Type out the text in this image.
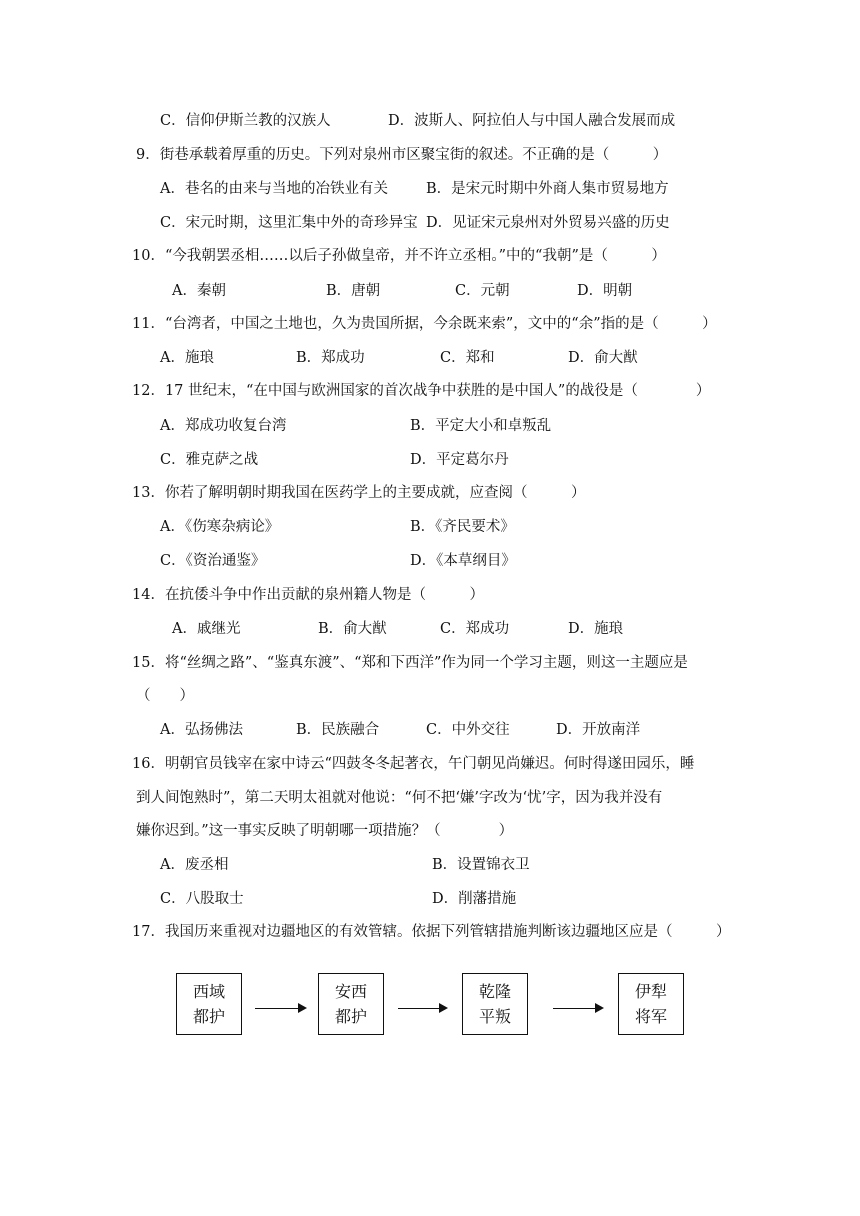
C．信仰伊斯兰教的汉族人	D．波斯人、阿拉伯人与中国人融合发展而成
9．街巷承载着厚重的历史。下列对泉州市区聚宝街的叙述。不正确的是（　　　）
A．巷名的由来与当地的冶铁业有关	B．是宋元时期中外商人集市贸易地方
C．宋元时期，这里汇集中外的奇珍异宝 D．见证宋元泉州对外贸易兴盛的历史
10．“今我朝罢丞相……以后子孙做皇帝，并不许立丞相。”中的“我朝”是（　　　）
A．秦朝	B．唐朝	C．元朝	D．明朝
11．“台湾者，中国之土地也，久为贵国所据，今余既来索”，文中的“余”指的是（　　　）
A．施琅	B．郑成功	C．郑和	D．俞大猷
12．17 世纪末，“在中国与欧洲国家的首次战争中获胜的是中国人”的战役是（　　　　）
A．郑成功收复台湾	B．平定大小和卓叛乱
C．雅克萨之战	D．平定葛尔丹
13．你若了解明朝时期我国在医药学上的主要成就，应查阅（　　　）
A．《伤寒杂病论》	B．《齐民要术》
C．《资治通鉴》	D．《本草纲目》
14．在抗倭斗争中作出贡献的泉州籍人物是（　　　）
A．戚继光	B．俞大猷	C．郑成功	D．施琅
15．将“丝绸之路”、“鉴真东渡”、“郑和下西洋”作为同一个学习主题，则这一主题应是
（　　）
A．弘扬佛法	B．民族融合	C．中外交往	D．开放南洋
16．明朝官员钱宰在家中诗云“四鼓冬冬起著衣，午门朝见尚嫌迟。何时得遂田园乐，睡
到人间饱熟时”，第二天明太祖就对他说：“何不把‘嫌’字改为‘忧’字，因为我并没有
嫌你迟到。”这一事实反映了明朝哪一项措施？（　　　　）
A．废丞相	B．设置锦衣卫
C．八股取士	D．削藩措施
17．我国历来重视对边疆地区的有效管辖。依据下列管辖措施判断该边疆地区应是（　　　）
西域
都护
安西
都护
乾隆
平叛
伊犁
将军
